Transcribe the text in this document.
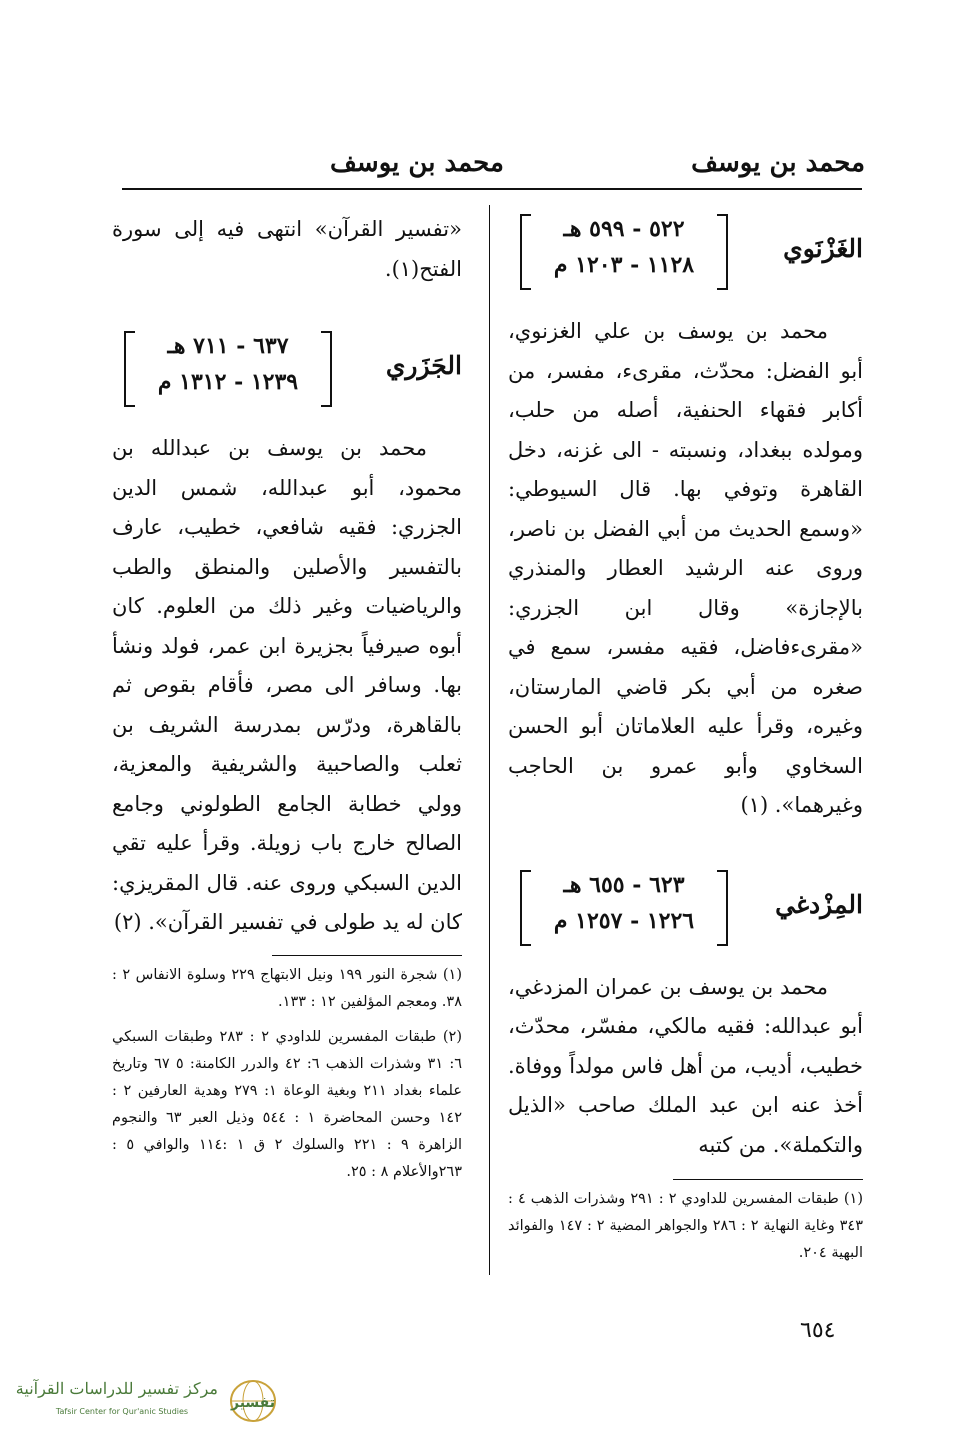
محمد بن يوسف
محمد بن يوسف
الغَزْنَوي
٥٢٢ - ٥٩٩ هـ
١١٢٨ - ١٢٠٣ م

محمد بن يوسف بن علي الغزنوي، أبو الفضل: محدّث، مقرىء، مفسر، من أكابر فقهاء الحنفية، أصله من حلب، ومولده ببغداد، ونسبته - الى غزنه، دخل القاهرة وتوفي بها. قال السيوطي: «وسمع الحديث من أبي الفضل بن ناصر، وروى عنه الرشيد العطار والمنذري بالإجازة» وقال ابن الجزري: «مقرىءفاضل، فقيه مفسر، سمع في صغره من أبي بكر قاضي المارستان، وغيره، وقرأ عليه العلاماتان أبو الحسن السخاوي وأبو عمرو بن الحاجب وغيرهما». (١)

المِزْدغي
٦٢٣ - ٦٥٥ هـ
١٢٢٦ - ١٢٥٧ م

محمد بن يوسف بن عمران المزدغي، أبو عبدالله: فقيه مالكي، مفسّر، محدّث، خطيب، أديب، من أهل فاس مولداً ووفاة. أخذ عنه ابن عبد الملك صاحب «الذيل والتكملة». من كتبه

(١) طبقات المفسرين للداودي ٢ : ٢٩١ وشذرات الذهب ٤ : ٣٤٣ وغاية النهاية ٢ : ٢٨٦ والجواهر المضية ٢ : ١٤٧ والفوائد البهية ٢٠٤.

«تفسير القرآن» انتهى فيه إلى سورة الفتح(١).

الجَزَري
٦٣٧ - ٧١١ هـ
١٢٣٩ - ١٣١٢ م

محمد بن يوسف بن عبدالله بن محمود، أبو عبدالله، شمس الدين الجزري: فقيه شافعي، خطيب، عارف بالتفسير والأصلين والمنطق والطب والرياضيات وغير ذلك من العلوم. كان أبوه صيرفياً بجزيرة ابن عمر، فولد ونشأ بها. وسافر الى مصر، فأقام بقوص ثم بالقاهرة، ودرّس بمدرسة الشريف بن ثعلب والصاحبية والشريفية والمعزية، وولي خطابة الجامع الطولوني وجامع الصالح خارج باب زويلة. وقرأ عليه تقي الدين السبكي وروى عنه. قال المقريزي: كان له يد طولى في تفسير القرآن». (٢)

(١) شجرة النور ١٩٩ ونيل الابتهاج ٢٢٩ وسلوة الانفاس ٢ : ٣٨. ومعجم المؤلفين ١٢ : ١٣٣.

(٢) طبقات المفسرين للداودي ٢ : ٢٨٣ وطبقات السبكي ٦: ٣١ وشذرات الذهب ٦: ٤٢ والدرر الكامنة: ٥ ٦٧ وتاريخ علماء بغداد ٢١١ وبغية الوعاة ١: ٢٧٩ وهدية العارفين ٢ : ١٤٢ وحسن المحاضرة ١ : ٥٤٤ وذيل العبر ٦٣ والنجوم الزاهرة ٩ : ٢٢١ والسلوك ٢ ق ١ :١١٤ والوافي ٥ : ٢٦٣والأعلام ٨ : ٢٥.

٦٥٤
مركز تفسير للدراسات القرآنية
Tafsir Center for Qur'anic Studies
تفسير
